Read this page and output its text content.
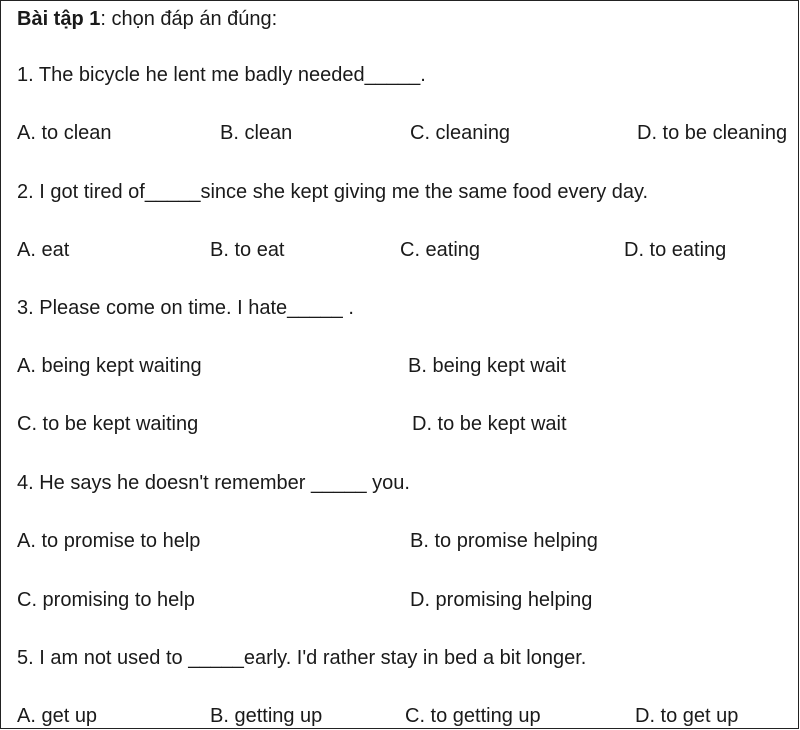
Bài tập 1: chọn đáp án đúng:
1. The bicycle he lent me badly needed_____.
A. to clean	B. clean	C. cleaning	D. to be cleaning
2. I got tired of_____since she kept giving me the same food every day.
A. eat	B. to eat	C. eating	D. to eating
3. Please come on time. I hate_____ .
A. being kept waiting	B. being kept wait
C. to be kept waiting	D. to be kept wait
4. He says he doesn't remember _____ you.
A. to promise to help	B. to promise helping
C. promising to help	D. promising helping
5. I am not used to _____early. I'd rather stay in bed a bit longer.
A. get up	B. getting up	C. to getting up	D. to get up
